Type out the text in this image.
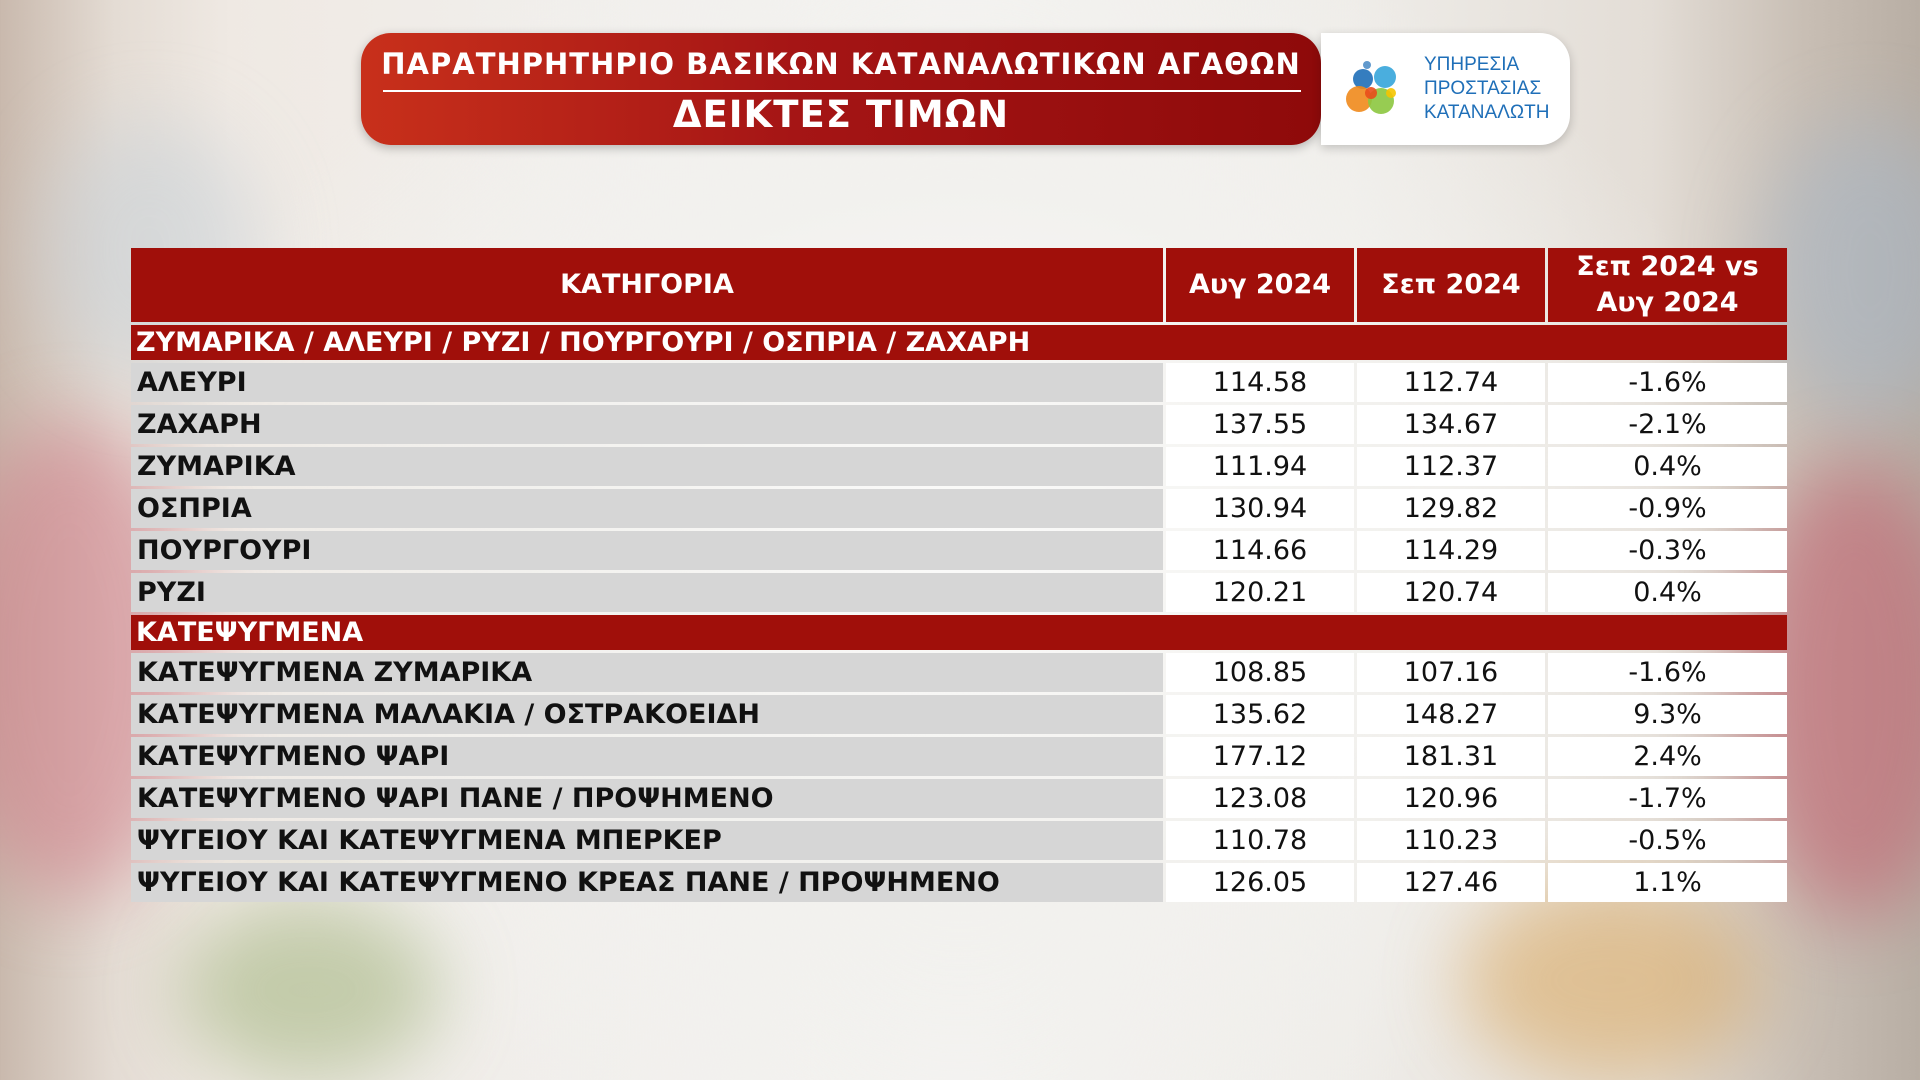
ΠΑΡΑΤΗΡΗΤΗΡΙΟ ΒΑΣΙΚΩΝ ΚΑΤΑΝΑΛΩΤΙΚΩΝ ΑΓΑΘΩΝ
ΔΕΙΚΤΕΣ ΤΙΜΩΝ
ΥΠΗΡΕΣΙΑ
ΠΡΟΣΤΑΣΙΑΣ
ΚΑΤΑΝΑΛΩΤΗ
ΚΑΤΗΓΟΡΙΑ	Αυγ 2024	Σεπ 2024	Σεπ 2024 vs Αυγ 2024
ΖΥΜΑΡΙΚΑ / ΑΛΕΥΡΙ / ΡΥΖΙ / ΠΟΥΡΓΟΥΡΙ / ΟΣΠΡΙΑ / ΖΑΧΑΡΗ			
ΑΛΕΥΡΙ	114.58	112.74	-1.6%
ΖΑΧΑΡΗ	137.55	134.67	-2.1%
ΖΥΜΑΡΙΚΑ	111.94	112.37	0.4%
ΟΣΠΡΙΑ	130.94	129.82	-0.9%
ΠΟΥΡΓΟΥΡΙ	114.66	114.29	-0.3%
ΡΥΖΙ	120.21	120.74	0.4%
ΚΑΤΕΨΥΓΜΕΝΑ			
ΚΑΤΕΨΥΓΜΕΝΑ ΖΥΜΑΡΙΚΑ	108.85	107.16	-1.6%
ΚΑΤΕΨΥΓΜΕΝΑ ΜΑΛΑΚΙΑ / ΟΣΤΡΑΚΟΕΙΔΗ	135.62	148.27	9.3%
ΚΑΤΕΨΥΓΜΕΝΟ ΨΑΡΙ	177.12	181.31	2.4%
ΚΑΤΕΨΥΓΜΕΝΟ ΨΑΡΙ ΠΑΝΕ / ΠΡΟΨΗΜΕΝΟ	123.08	120.96	-1.7%
ΨΥΓΕΙΟΥ ΚΑΙ ΚΑΤΕΨΥΓΜΕΝΑ ΜΠΕΡΚΕΡ	110.78	110.23	-0.5%
ΨΥΓΕΙΟΥ ΚΑΙ ΚΑΤΕΨΥΓΜΕΝΟ ΚΡΕΑΣ ΠΑΝΕ / ΠΡΟΨΗΜΕΝΟ	126.05	127.46	1.1%
